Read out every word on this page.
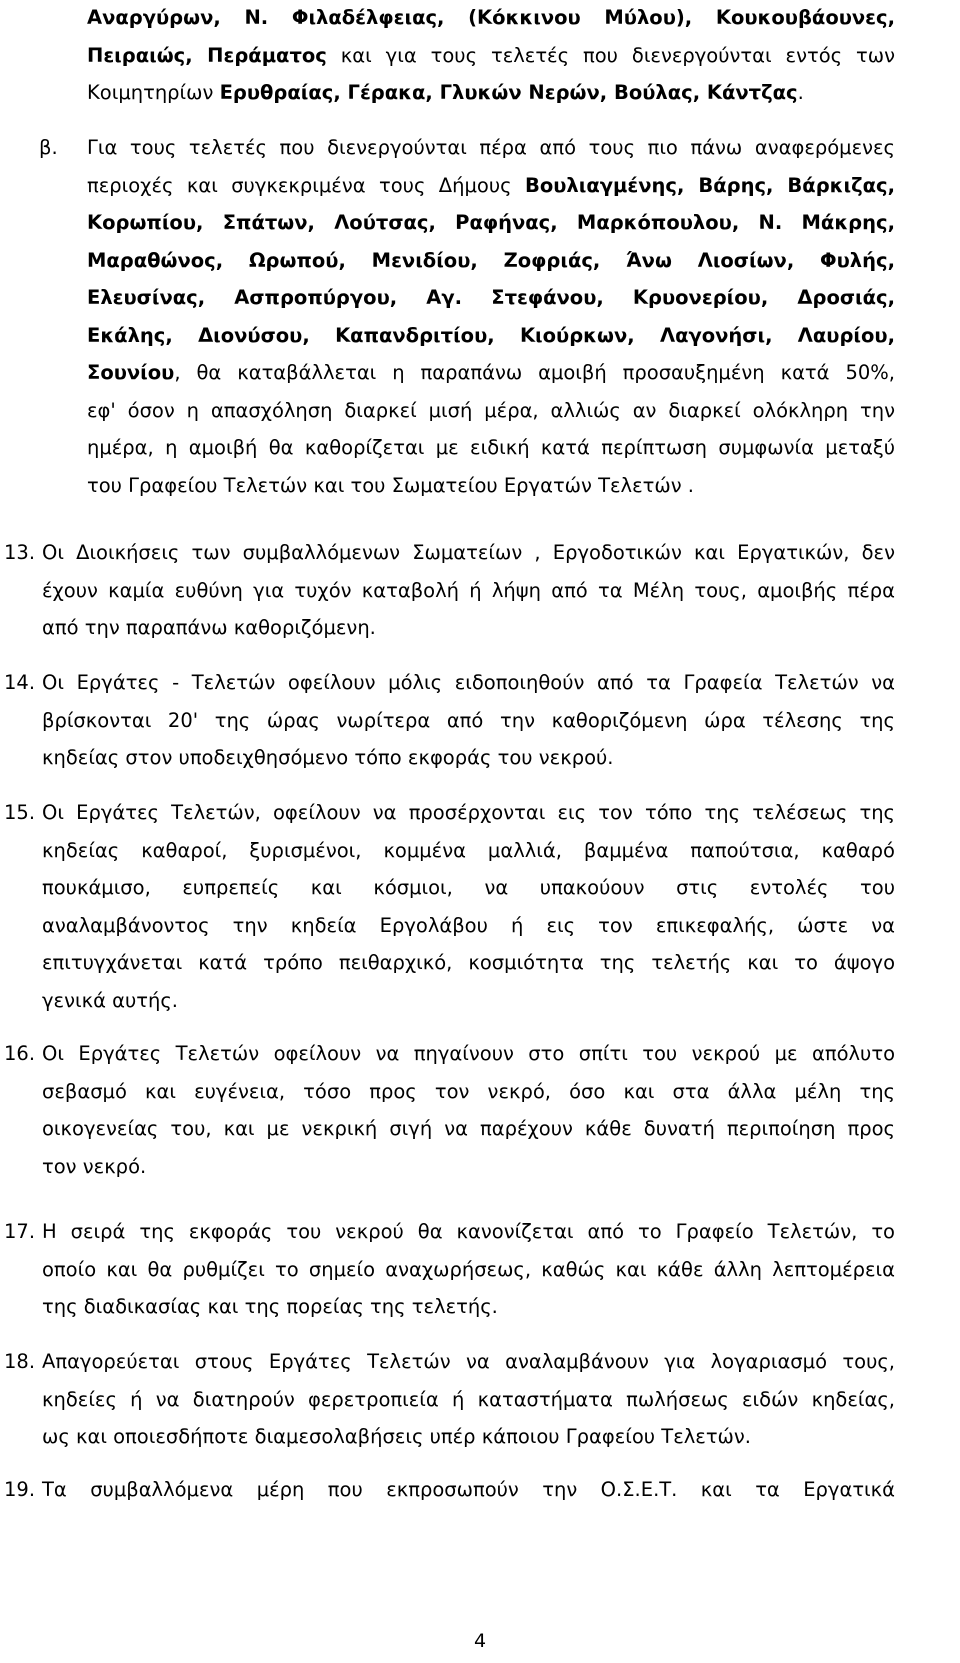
Αναργύρων, Ν. Φιλαδέλφειας, (Κόκκινου Μύλου), Κουκουβάουνες,
Πειραιώς, Περάματος και για τους τελετές που διενεργούνται εντός των
Κοιμητηρίων Ερυθραίας, Γέρακα, Γλυκών Νερών, Βούλας, Κάντζας.
β. Για τους τελετές που διενεργούνται πέρα από τους πιο πάνω αναφερόμενες
περιοχές και συγκεκριμένα τους Δήμους Βουλιαγμένης, Βάρης, Βάρκιζας,
Κορωπίου, Σπάτων, Λούτσας, Ραφήνας, Μαρκόπουλου, Ν. Μάκρης,
Μαραθώνος, Ωρωπού, Μενιδίου, Ζοφριάς, Άνω Λιοσίων, Φυλής,
Ελευσίνας, Ασπροπύργου, Αγ. Στεφάνου, Κρυονερίου, Δροσιάς,
Εκάλης, Διονύσου, Καπανδριτίου, Κιούρκων, Λαγονήσι, Λαυρίου,
Σουνίου, θα καταβάλλεται η παραπάνω αμοιβή προσαυξημένη κατά 50%,
εφ' όσον η απασχόληση διαρκεί μισή μέρα, αλλιώς αν διαρκεί ολόκληρη την
ημέρα, η αμοιβή θα καθορίζεται με ειδική κατά περίπτωση συμφωνία μεταξύ
του Γραφείου Τελετών και του Σωματείου Εργατών Τελετών .
13. Οι Διοικήσεις των συμβαλλόμενων Σωματείων , Εργοδοτικών και Εργατικών, δεν
έχουν καμία ευθύνη για τυχόν καταβολή ή λήψη από τα Μέλη τους, αμοιβής πέρα
από την παραπάνω καθοριζόμενη.
14. Οι Εργάτες - Τελετών οφείλουν μόλις ειδοποιηθούν από τα Γραφεία Τελετών να
βρίσκονται 20' της ώρας νωρίτερα από την καθοριζόμενη ώρα τέλεσης της
κηδείας στον υποδειχθησόμενο τόπο εκφοράς του νεκρού.
15. Οι Εργάτες Τελετών, οφείλουν να προσέρχονται εις τον τόπο της τελέσεως της
κηδείας καθαροί, ξυρισμένοι, κομμένα μαλλιά, βαμμένα παπούτσια, καθαρό
πουκάμισο, ευπρεπείς και κόσμιοι, να υπακούουν στις εντολές του
αναλαμβάνοντος την κηδεία Εργολάβου ή εις τον επικεφαλής, ώστε να
επιτυγχάνεται κατά τρόπο πειθαρχικό, κοσμιότητα της τελετής και το άψογο
γενικά αυτής.
16. Οι Εργάτες Τελετών οφείλουν να πηγαίνουν στο σπίτι του νεκρού με απόλυτο
σεβασμό και ευγένεια, τόσο προς τον νεκρό, όσο και στα άλλα μέλη της
οικογενείας του, και με νεκρική σιγή να παρέχουν κάθε δυνατή περιποίηση προς
τον νεκρό.
17. Η σειρά της εκφοράς του νεκρού θα κανονίζεται από το Γραφείο Τελετών, το
οποίο και θα ρυθμίζει το σημείο αναχωρήσεως, καθώς και κάθε άλλη λεπτομέρεια
της διαδικασίας και της πορείας της τελετής.
18. Απαγορεύεται στους Εργάτες Τελετών να αναλαμβάνουν για λογαριασμό τους,
κηδείες ή να διατηρούν φερετροπιεία ή καταστήματα πωλήσεως ειδών κηδείας,
ως και οποιεσδήποτε διαμεσολαβήσεις υπέρ κάποιου Γραφείου Τελετών.
19. Τα συμβαλλόμενα μέρη που εκπροσωπούν την Ο.Σ.Ε.Τ. και τα Εργατικά
4
